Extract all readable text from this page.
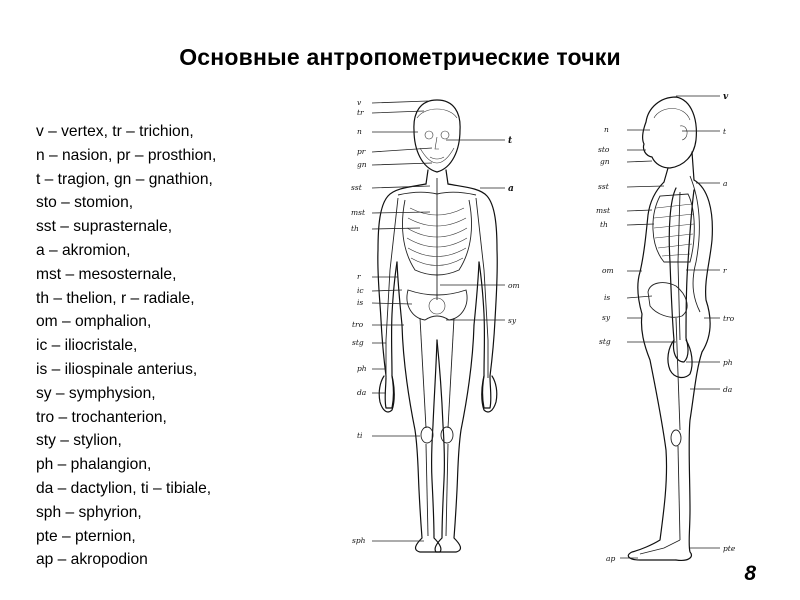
Основные антропометрические точки
v – vertex, tr – trichion,
n – nasion, pr – prosthion,
t – tragion, gn – gnathion,
sto – stomion,
sst – suprasternale,
a – akromion,
mst – mesosternale,
th – thelion, r – radiale,
om – omphalion,
ic – iliocristale,
is – iliospinale anterius,
sy – symphysion,
tro – trochanterion,
sty – stylion,
ph – phalangion,
da – dactylion, ti – tibiale,
sph – sphyrion,
pte – pternion,
ap – akropodion
8
v
tr
n
pr
gn
sst
mst
th
r
ic
is
tro
stg
ph
da
ti
sph
t
a
om
sy
n
sto
gn
sst
mst
th
om
is
sy
stg
ap
v
t
a
r
tro
ph
da
pte
